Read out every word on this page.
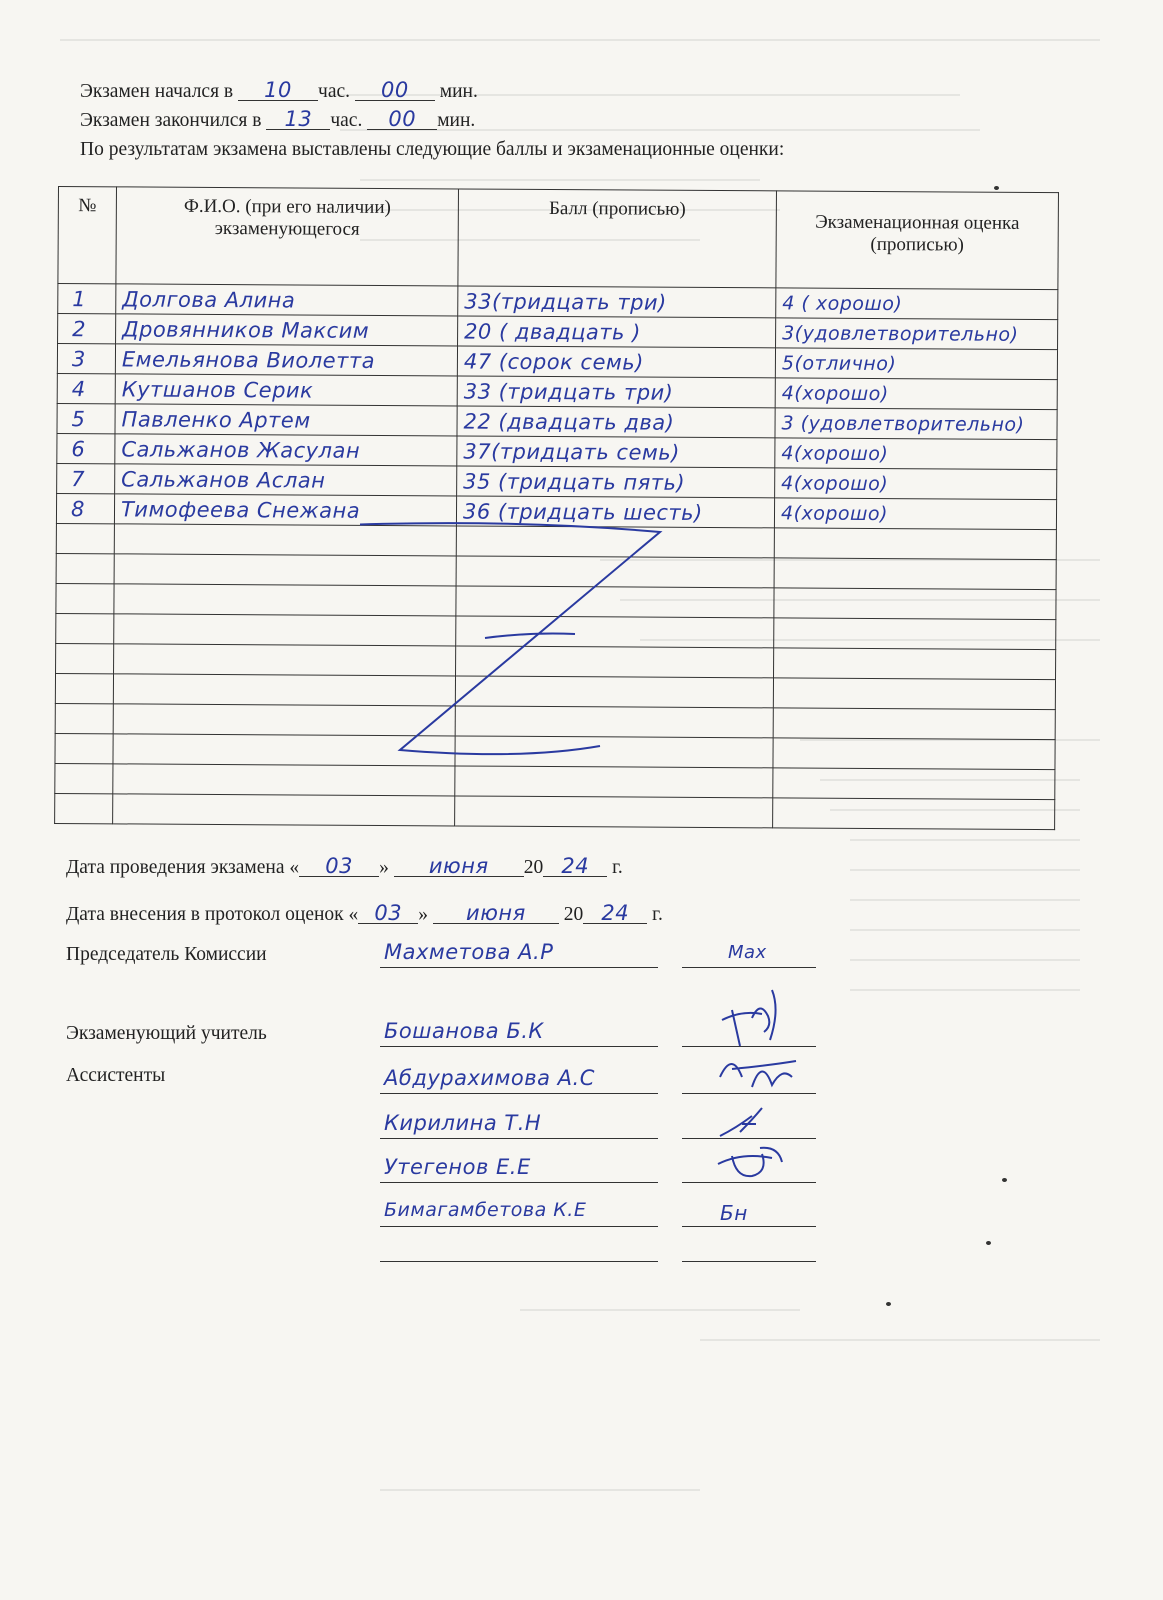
Экзамен начался в 10 час. 00 мин.
Экзамен закончился в 13 час. 00 мин.
По результатам экзамена выставлены следующие баллы и экзаменационные оценки:
№	Ф.И.О. (при его наличии) экзаменующегося	Балл (прописью)	Экзаменационная оценка (прописью)
1	Долгова Алина	33(тридцать три)	4 ( хорошо)
2	Дровянников Максим	20 ( двадцать )	3(удовлетворительно)
3	Емельянова Виолетта	47 (сорок семь)	5(отлично)
4	Кутшанов Серик	33 (тридцать три)	4(хорошо)
5	Павленко Артем	22 (двадцать два)	3 (удовлетворительно)
6	Сальжанов Жасулан	37(тридцать семь)	4(хорошо)
7	Сальжанов Аслан	35 (тридцать пять)	4(хорошо)
8	Тимофеева Снежана	36 (тридцать шесть)	4(хорошо)

Дата проведения экзамена « 03 » июня 20 24 г.
Дата внесения в протокол оценок « 03 » июня 20 24 г.
Председатель Комиссии	Махметова А.Р	Мах
Экзаменующий учитель	Бошанова Б.К
Ассистенты	Абдурахимова А.С
Кирилина Т.Н
Утегенов Е.Е
Бимагамбетова К.Е	Бн
